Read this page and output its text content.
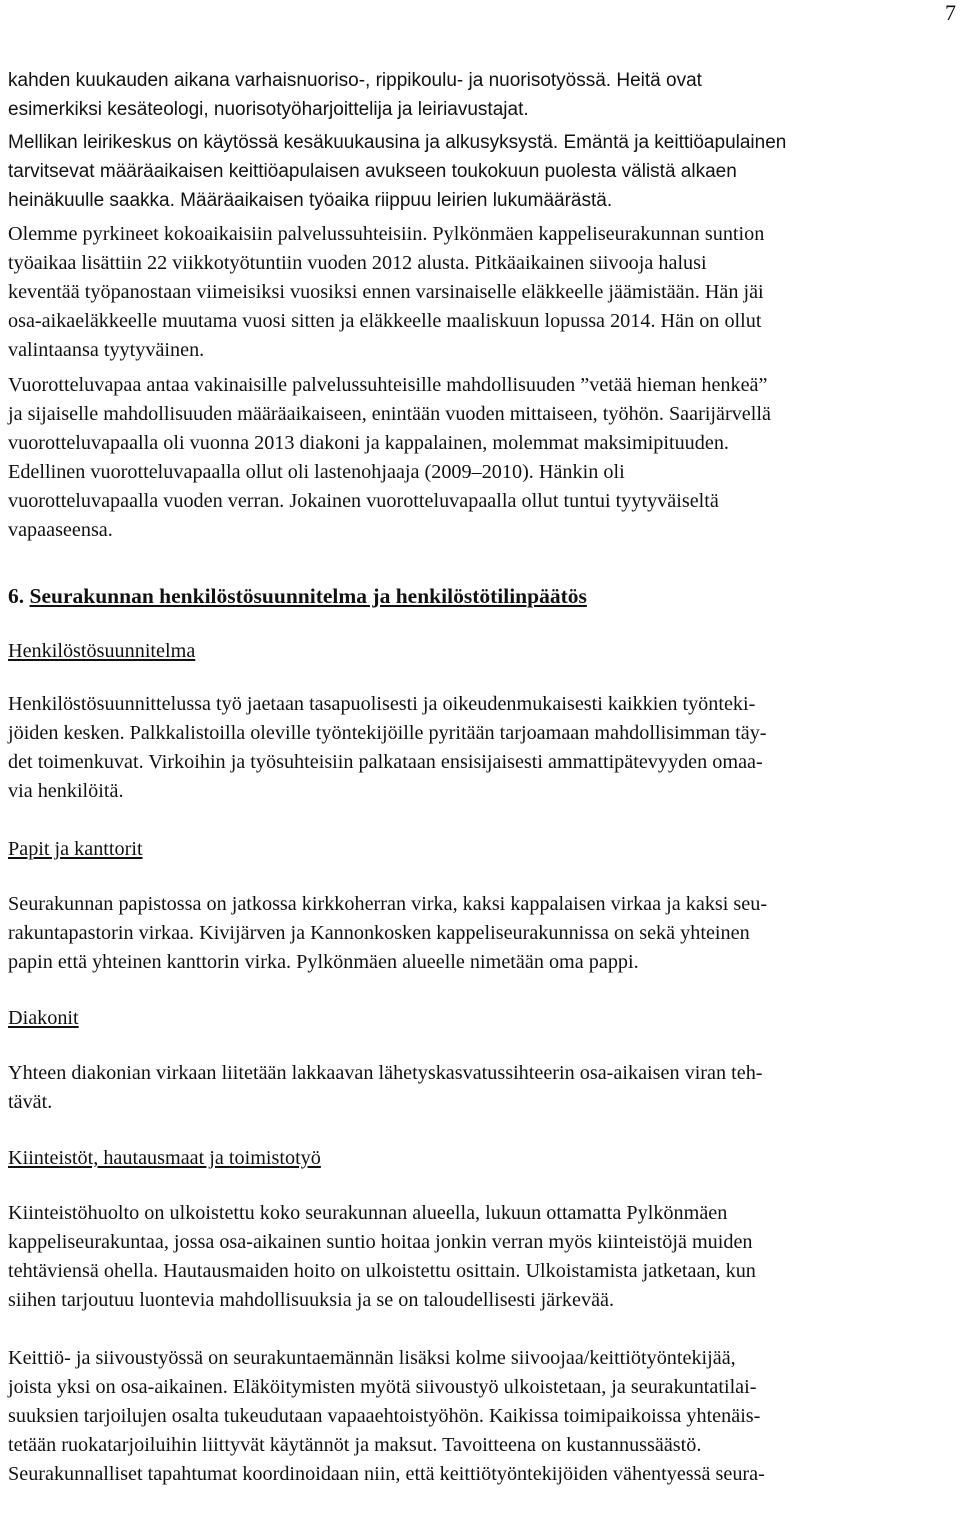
7

kahden kuukauden aikana varhaisnuoriso-, rippikoulu- ja nuorisotyössä. Heitä ovat
esimerkiksi kesäteologi, nuorisotyöharjoittelija ja leiriavustajat.

Mellikan leirikeskus on käytössä kesäkuukausina ja alkusyksystä. Emäntä ja keittiöapulainen
tarvitsevat määräaikaisen keittiöapulaisen avukseen toukokuun puolesta välistä alkaen
heinäkuulle saakka. Määräaikaisen työaika riippuu leirien lukumäärästä.

Olemme pyrkineet kokoaikaisiin palvelussuhteisiin. Pylkönmäen kappeliseurakunnan suntion
työaikaa lisättiin 22 viikkotyötuntiin vuoden 2012 alusta. Pitkäaikainen siivooja halusi
keventää työpanostaan viimeisiksi vuosiksi ennen varsinaiselle eläkkeelle jäämistään. Hän jäi
osa-aikaeläkkeelle muutama vuosi sitten ja eläkkeelle maaliskuun lopussa 2014. Hän on ollut
valintaansa tyytyväinen.

Vuorotteluvapaa antaa vakinaisille palvelussuhteisille mahdollisuuden ”vetää hieman henkeä”
ja sijaiselle mahdollisuuden määräaikaiseen, enintään vuoden mittaiseen, työhön. Saarijärvellä
vuorotteluvapaalla oli vuonna 2013 diakoni ja kappalainen, molemmat maksimipituuden.
Edellinen vuorotteluvapaalla ollut oli lastenohjaaja (2009–2010). Hänkin oli
vuorotteluvapaalla vuoden verran. Jokainen vuorotteluvapaalla ollut tuntui tyytyväiseltä
vapaaseensa.

6. Seurakunnan henkilöstösuunnitelma ja henkilöstötilinpäätös
Henkilöstösuunnitelma

Henkilöstösuunnittelussa työ jaetaan tasapuolisesti ja oikeudenmukaisesti kaikkien työnteki-
jöiden kesken. Palkkalistoilla oleville työntekijöille pyritään tarjoamaan mahdollisimman täy-
det toimenkuvat. Virkoihin ja työsuhteisiin palkataan ensisijaisesti ammattipätevyyden omaa-
via henkilöitä.

Papit ja kanttorit

Seurakunnan papistossa on jatkossa kirkkoherran virka, kaksi kappalaisen virkaa ja kaksi seu-
rakuntapastorin virkaa. Kivijärven ja Kannonkosken kappeliseurakunnissa on sekä yhteinen
papin että yhteinen kanttorin virka. Pylkönmäen alueelle nimetään oma pappi.

Diakonit

Yhteen diakonian virkaan liitetään lakkaavan lähetyskasvatussihteerin osa-aikaisen viran teh-
tävät.

Kiinteistöt, hautausmaat ja toimistotyö

Kiinteistöhuolto on ulkoistettu koko seurakunnan alueella, lukuun ottamatta Pylkönmäen
kappeliseurakuntaa, jossa osa-aikainen suntio hoitaa jonkin verran myös kiinteistöjä muiden
tehtäviensä ohella. Hautausmaiden hoito on ulkoistettu osittain. Ulkoistamista jatketaan, kun
siihen tarjoutuu luontevia mahdollisuuksia ja se on taloudellisesti järkevää.

Keittiö- ja siivoustyössä on seurakuntaemännän lisäksi kolme siivoojaa/keittiötyöntekijää,
joista yksi on osa-aikainen. Eläköitymisten myötä siivoustyö ulkoistetaan, ja seurakuntatilai-
suuksien tarjoilujen osalta tukeudutaan vapaaehtoistyöhön. Kaikissa toimipaikoissa yhtenäis-
tetään ruokatarjoiluihin liittyvät käytännöt ja maksut. Tavoitteena on kustannussäästö.
Seurakunnalliset tapahtumat koordinoidaan niin, että keittiötyöntekijöiden vähentyessä seura-
